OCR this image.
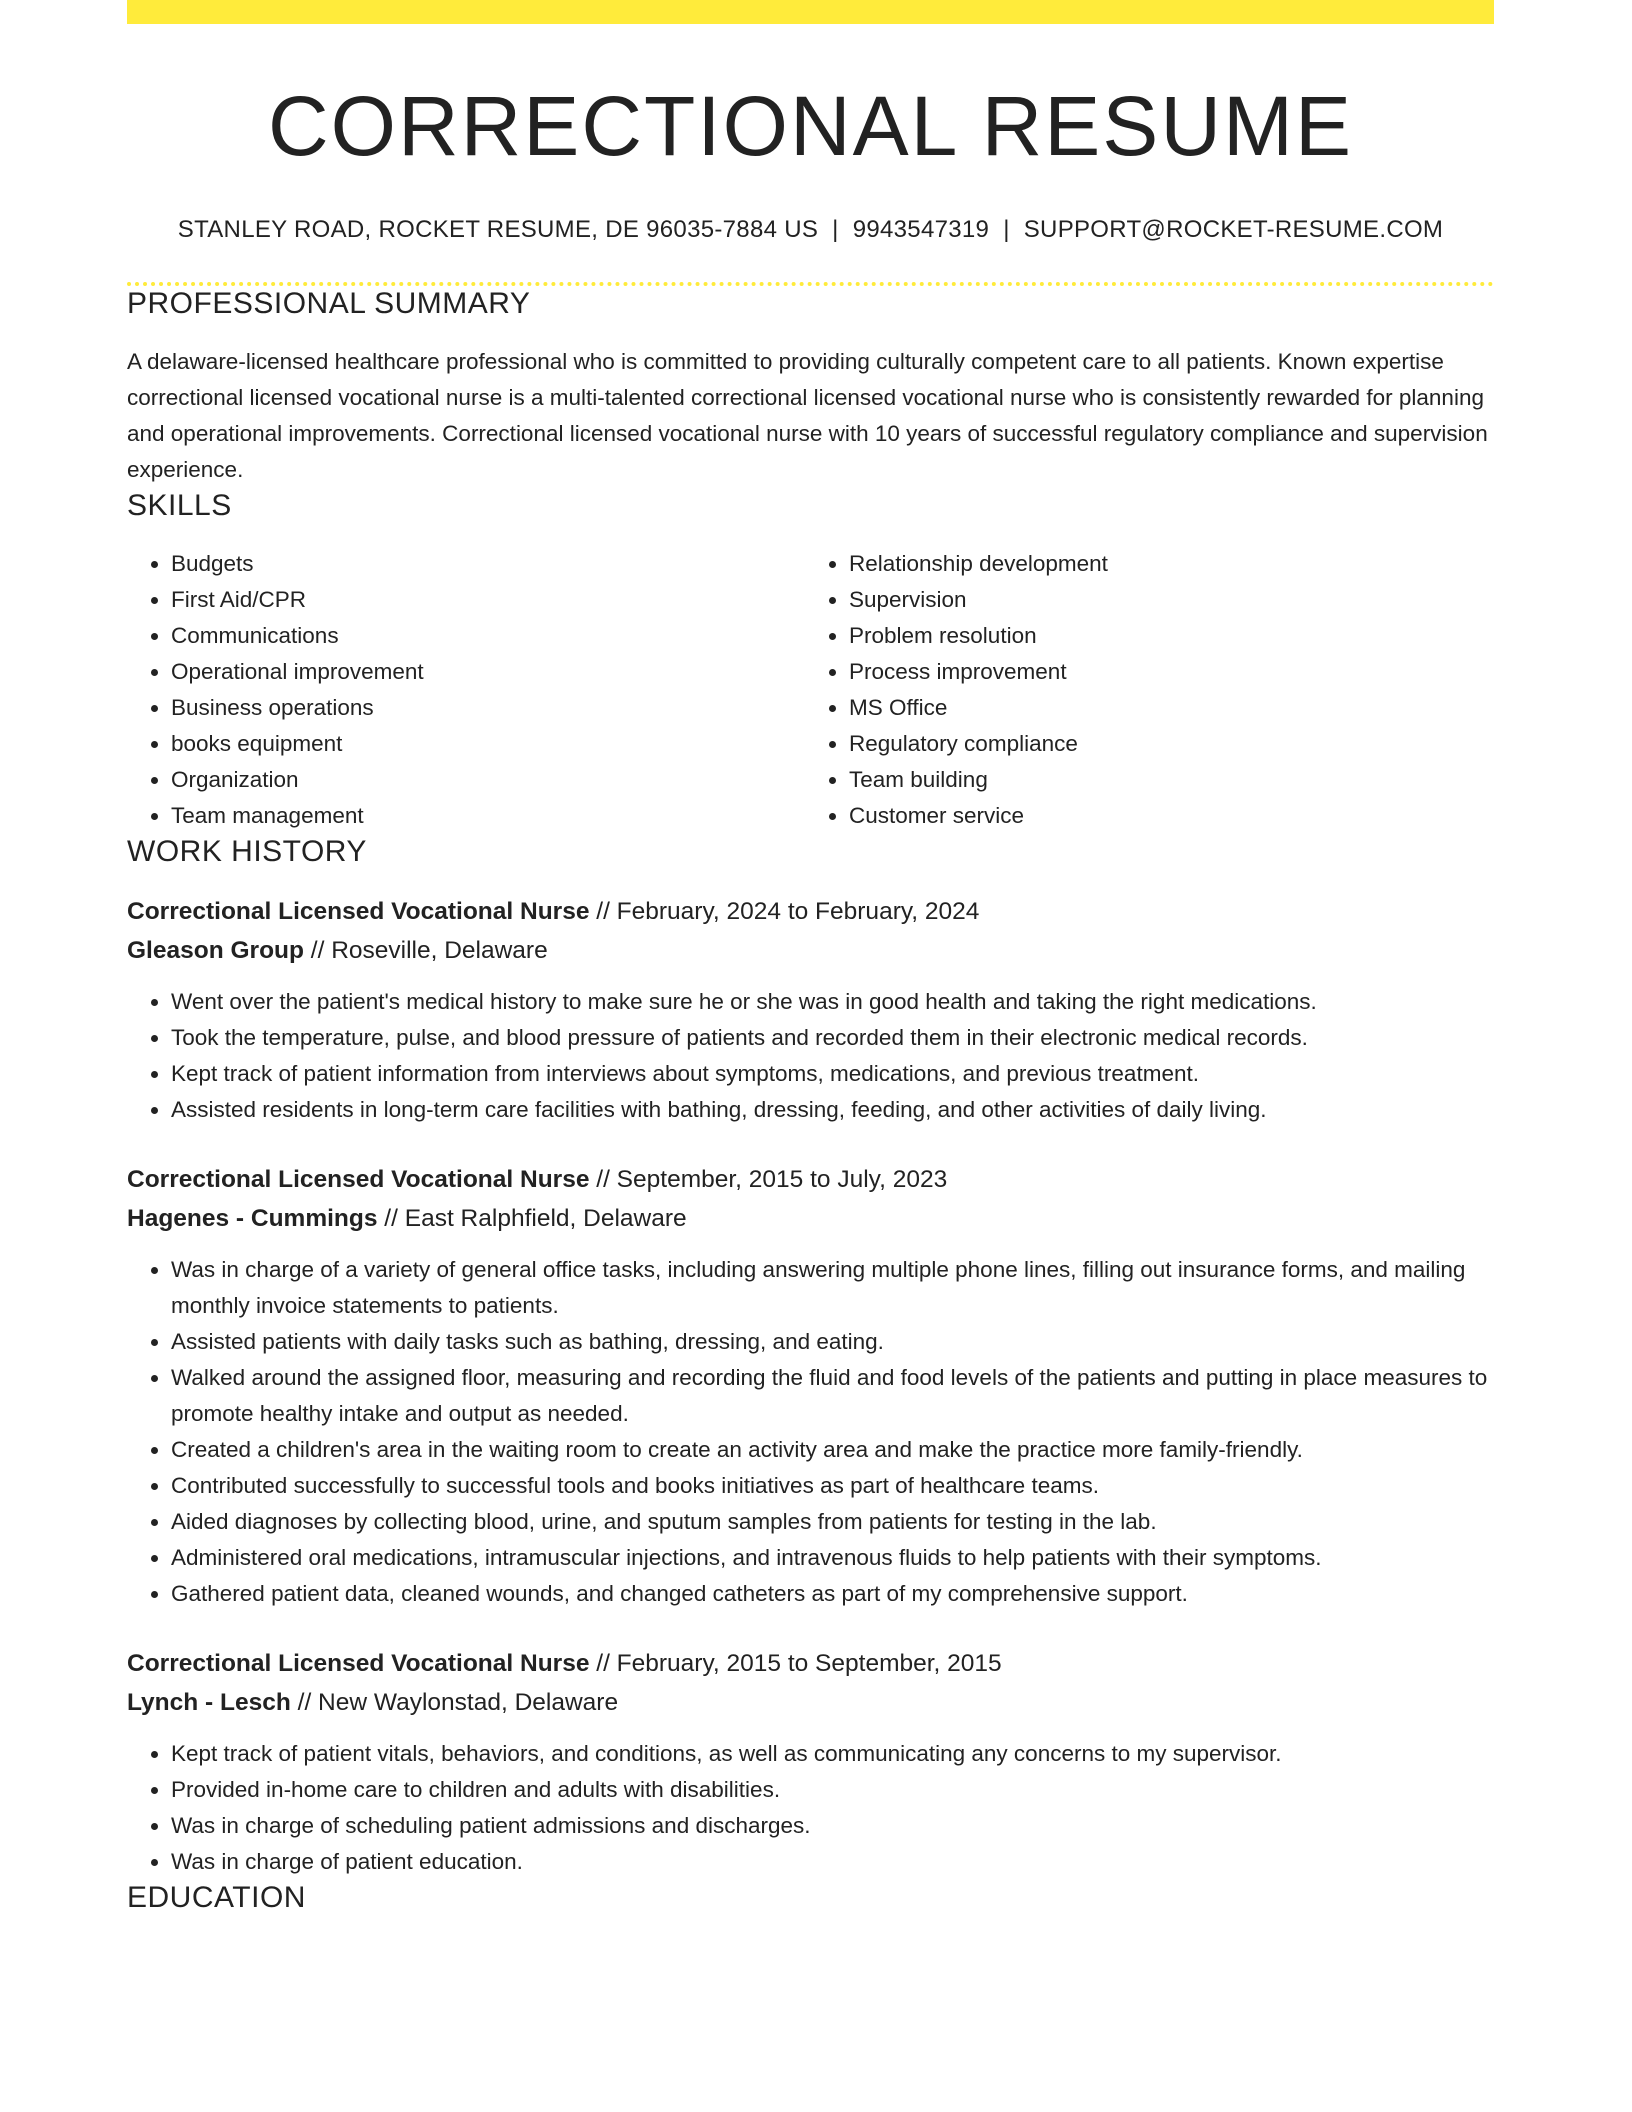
CORRECTIONAL RESUME
STANLEY ROAD, ROCKET RESUME, DE 96035-7884 US | 9943547319 | SUPPORT@ROCKET-RESUME.COM
PROFESSIONAL SUMMARY

A delaware-licensed healthcare professional who is committed to providing culturally competent care to all patients. Known expertise correctional licensed vocational nurse is a multi-talented correctional licensed vocational nurse who is consistently rewarded for planning and operational improvements. Correctional licensed vocational nurse with 10 years of successful regulatory compliance and supervision experience.

SKILLS
• Budgets
• First Aid/CPR
• Communications
• Operational improvement
• Business operations
• books equipment
• Organization
• Team management
• Relationship development
• Supervision
• Problem resolution
• Process improvement
• MS Office
• Regulatory compliance
• Team building
• Customer service
WORK HISTORY
Correctional Licensed Vocational Nurse // February, 2024 to February, 2024
Gleason Group // Roseville, Delaware
• Went over the patient's medical history to make sure he or she was in good health and taking the right medications.
• Took the temperature, pulse, and blood pressure of patients and recorded them in their electronic medical records.
• Kept track of patient information from interviews about symptoms, medications, and previous treatment.
• Assisted residents in long-term care facilities with bathing, dressing, feeding, and other activities of daily living.
Correctional Licensed Vocational Nurse // September, 2015 to July, 2023
Hagenes - Cummings // East Ralphfield, Delaware
• Was in charge of a variety of general office tasks, including answering multiple phone lines, filling out insurance forms, and mailing monthly invoice statements to patients.
• Assisted patients with daily tasks such as bathing, dressing, and eating.
• Walked around the assigned floor, measuring and recording the fluid and food levels of the patients and putting in place measures to promote healthy intake and output as needed.
• Created a children's area in the waiting room to create an activity area and make the practice more family-friendly.
• Contributed successfully to successful tools and books initiatives as part of healthcare teams.
• Aided diagnoses by collecting blood, urine, and sputum samples from patients for testing in the lab.
• Administered oral medications, intramuscular injections, and intravenous fluids to help patients with their symptoms.
• Gathered patient data, cleaned wounds, and changed catheters as part of my comprehensive support.
Correctional Licensed Vocational Nurse // February, 2015 to September, 2015
Lynch - Lesch // New Waylonstad, Delaware
• Kept track of patient vitals, behaviors, and conditions, as well as communicating any concerns to my supervisor.
• Provided in-home care to children and adults with disabilities.
• Was in charge of scheduling patient admissions and discharges.
• Was in charge of patient education.
EDUCATION
